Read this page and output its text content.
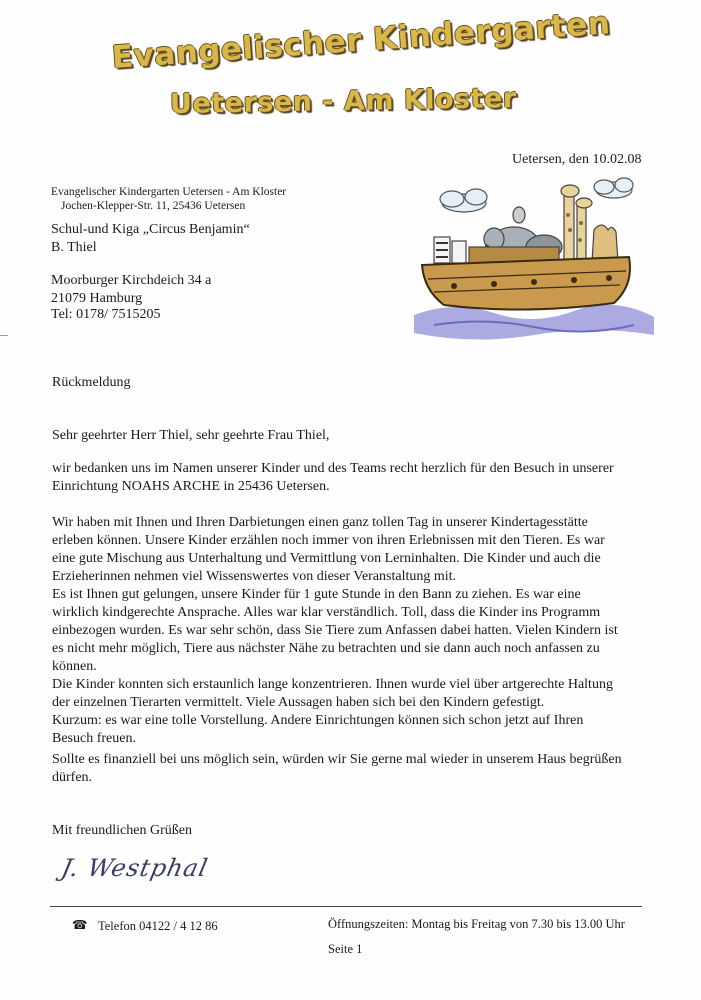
Evangelischer Kindergarten
Uetersen - Am Kloster
Uetersen, den 10.02.08
Evangelischer Kindergarten Uetersen - Am Kloster
Jochen-Klepper-Str. 11, 25436 Uetersen
Schul-und Kiga „Circus Benjamin“
B. Thiel
Moorburger Kirchdeich 34 a
21079 Hamburg
Tel: 0178/ 7515205
Rückmeldung
Sehr geehrter Herr Thiel, sehr geehrte Frau Thiel,
wir bedanken uns im Namen unserer Kinder und des Teams recht herzlich für den Besuch in unserer
Einrichtung NOAHS ARCHE in 25436 Uetersen.
Wir haben mit Ihnen und Ihren Darbietungen einen ganz tollen Tag in unserer Kindertagesstätte
erleben können. Unsere Kinder erzählen noch immer von ihren Erlebnissen mit den Tieren. Es war
eine gute Mischung aus Unterhaltung und Vermittlung von Lerninhalten. Die Kinder und auch die
Erzieherinnen nehmen viel Wissenswertes von dieser Veranstaltung mit.
Es ist Ihnen gut gelungen, unsere Kinder für 1 gute Stunde in den Bann zu ziehen. Es war eine
wirklich kindgerechte Ansprache. Alles war klar verständlich. Toll, dass die Kinder ins Programm
einbezogen wurden. Es war sehr schön, dass Sie Tiere zum Anfassen dabei hatten. Vielen Kindern ist
es nicht mehr möglich, Tiere aus nächster Nähe zu betrachten und sie dann auch noch anfassen zu
können.
Die Kinder konnten sich erstaunlich lange konzentrieren. Ihnen wurde viel über artgerechte Haltung
der einzelnen Tierarten vermittelt. Viele Aussagen haben sich bei den Kindern gefestigt.
Kurzum: es war eine tolle Vorstellung. Andere Einrichtungen können sich schon jetzt auf Ihren
Besuch freuen.
Sollte es finanziell bei uns möglich sein, würden wir Sie gerne mal wieder in unserem Haus begrüßen
dürfen.
Mit freundlichen Grüßen
J. Westphal
☎ Telefon 04122 / 4 12 86	Öffnungszeiten: Montag bis Freitag von 7.30 bis 13.00 Uhr
Seite 1
